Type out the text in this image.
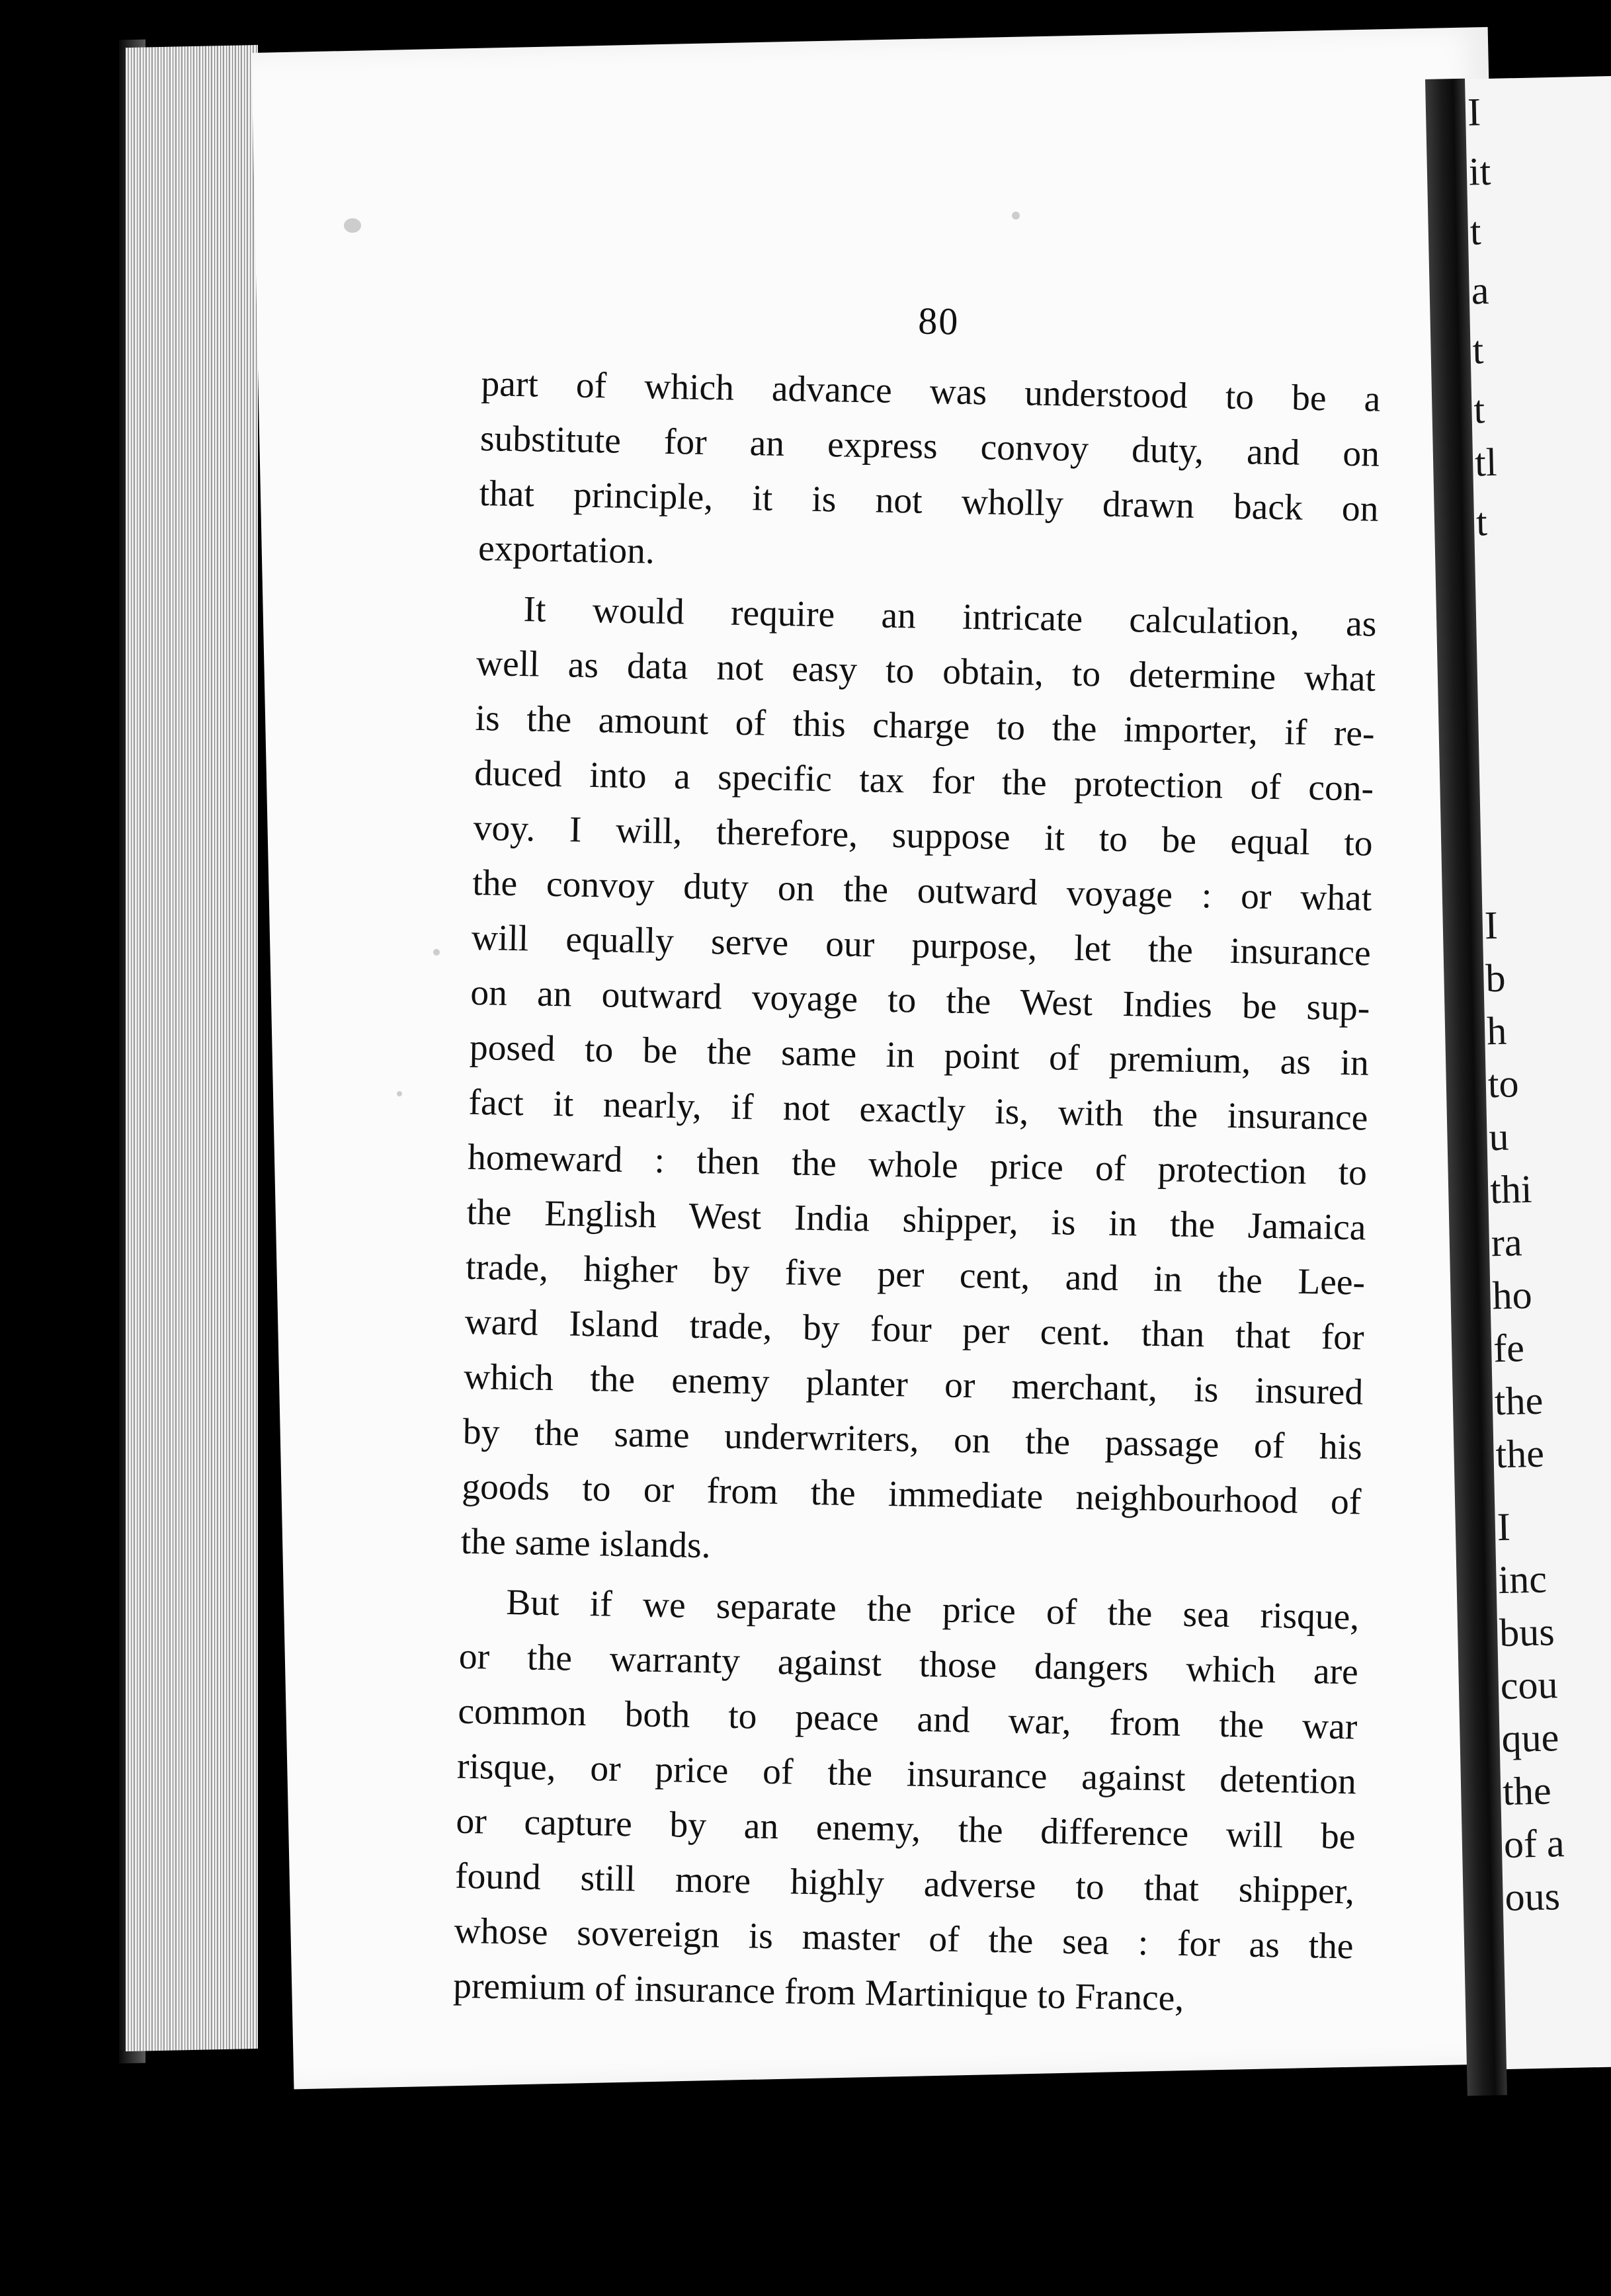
I
it
t
a
t
t
tl
t
I
b
h
to
u
thi
ra
ho
fe
the
the
I
inc
bus
cou
que
the
of a
ous
80
part of which advance was understood to be a
substitute for an express convoy duty, and on
that principle, it is not wholly drawn back on
exportation.
It would require an intricate calculation, as
well as data not easy to obtain, to determine what
is the amount of this charge to the importer, if re-
duced into a specific tax for the protection of con-
voy. I will, therefore, suppose it to be equal to
the convoy duty on the outward voyage : or what
will equally serve our purpose, let the insurance
on an outward voyage to the West Indies be sup-
posed to be the same in point of premium, as in
fact it nearly, if not exactly is, with the insurance
homeward : then the whole price of protection to
the English West India shipper, is in the Jamaica
trade, higher by five per cent, and in the Lee-
ward Island trade, by four per cent. than that for
which the enemy planter or merchant, is insured
by the same underwriters, on the passage of his
goods to or from the immediate neighbourhood of
the same islands.
But if we separate the price of the sea risque,
or the warranty against those dangers which are
common both to peace and war, from the war
risque, or price of the insurance against detention
or capture by an enemy, the difference will be
found still more highly adverse to that shipper,
whose sovereign is master of the sea : for as the
premium of insurance from Martinique to France,
